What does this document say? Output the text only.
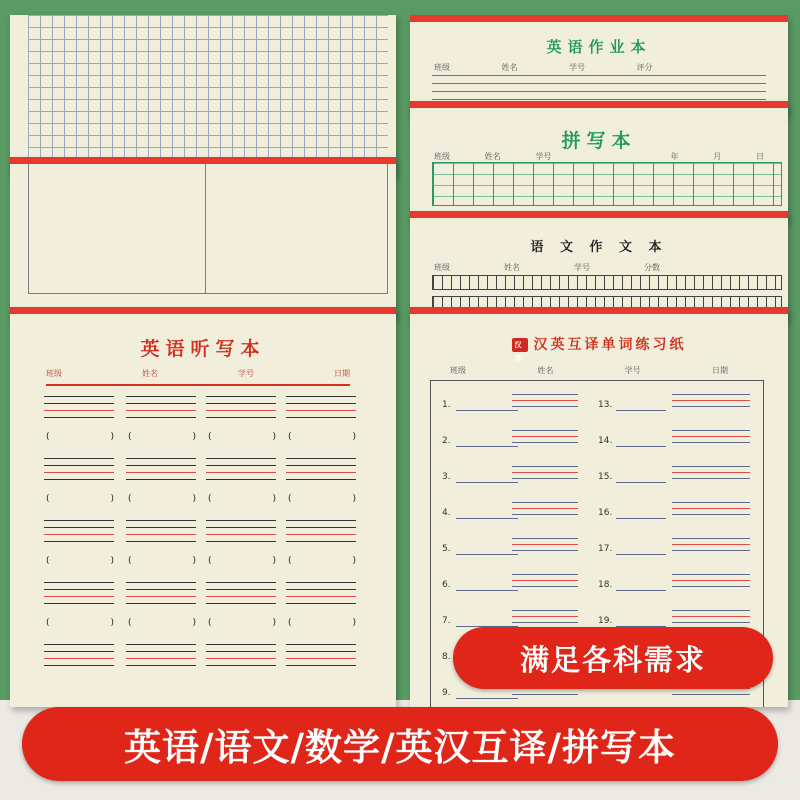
英语作业本
班级	姓名	学号	评分
拼写本
班级	姓名	学号	年	月	日
语 文 作 文 本
班级	姓名	学号	分数
英语听写本
班级	姓名	学号	日期
(	) (	) (	) (	)
(	) (	) (	) (	)
(	) (	) (	) (	)
(	) (	) (	) (	)
汉英汉英互译单词练习纸
班级	姓名	学号	日期
1.
2.
3.
4.
5.
6.
7.
8.
9.
13.
14.
15.
16.
17.
18.
19.
满足各科需求
英语/语文/数学/英汉互译/拼写本
